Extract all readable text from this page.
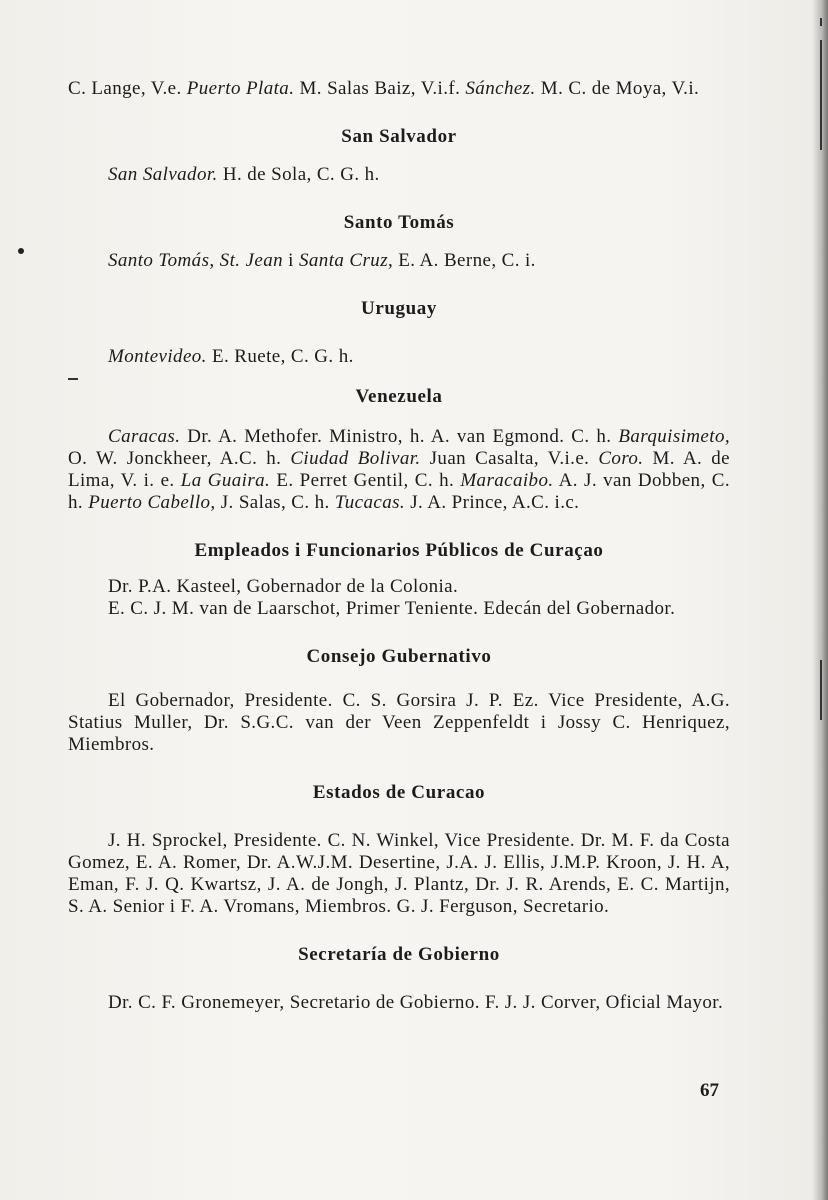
C. Lange, V.e. Puerto Plata. M. Salas Baiz, V.i.f. Sánchez. M. C. de Moya, V.i.

San Salvador

San Salvador. H. de Sola, C. G. h.

Santo Tomás

Santo Tomás, St. Jean i Santa Cruz, E. A. Berne, C. i.

Uruguay

Montevideo. E. Ruete, C. G. h.

Venezuela

Caracas. Dr. A. Methofer. Ministro, h. A. van Egmond. C. h. Barquisimeto, O. W. Jonckheer, A.C. h. Ciudad Bolivar. Juan Casalta, V.i.e. Coro. M. A. de Lima, V. i. e. La Guaira. E. Perret Gentil, C. h. Maracaibo. A. J. van Dobben, C. h. Puerto Cabello, J. Salas, C. h. Tucacas. J. A. Prince, A.C. i.c.

Empleados i Funcionarios Públicos de Curaçao

Dr. P.A. Kasteel, Gobernador de la Colonia.

E. C. J. M. van de Laarschot, Primer Teniente. Edecán del Gobernador.

Consejo Gubernativo

El Gobernador, Presidente. C. S. Gorsira J. P. Ez. Vice Presidente, A.G. Statius Muller, Dr. S.G.C. van der Veen Zeppenfeldt i Jossy C. Henriquez, Miembros.

Estados de Curacao

J. H. Sprockel, Presidente. C. N. Winkel, Vice Presidente. Dr. M. F. da Costa Gomez, E. A. Romer, Dr. A.W.J.M. Desertine, J.A. J. Ellis, J.M.P. Kroon, J. H. A, Eman, F. J. Q. Kwartsz, J. A. de Jongh, J. Plantz, Dr. J. R. Arends, E. C. Martijn, S. A. Senior i F. A. Vromans, Miembros. G. J. Ferguson, Secretario.

Secretaría de Gobierno

Dr. C. F. Gronemeyer, Secretario de Gobierno. F. J. J. Corver, Oficial Mayor.

67
